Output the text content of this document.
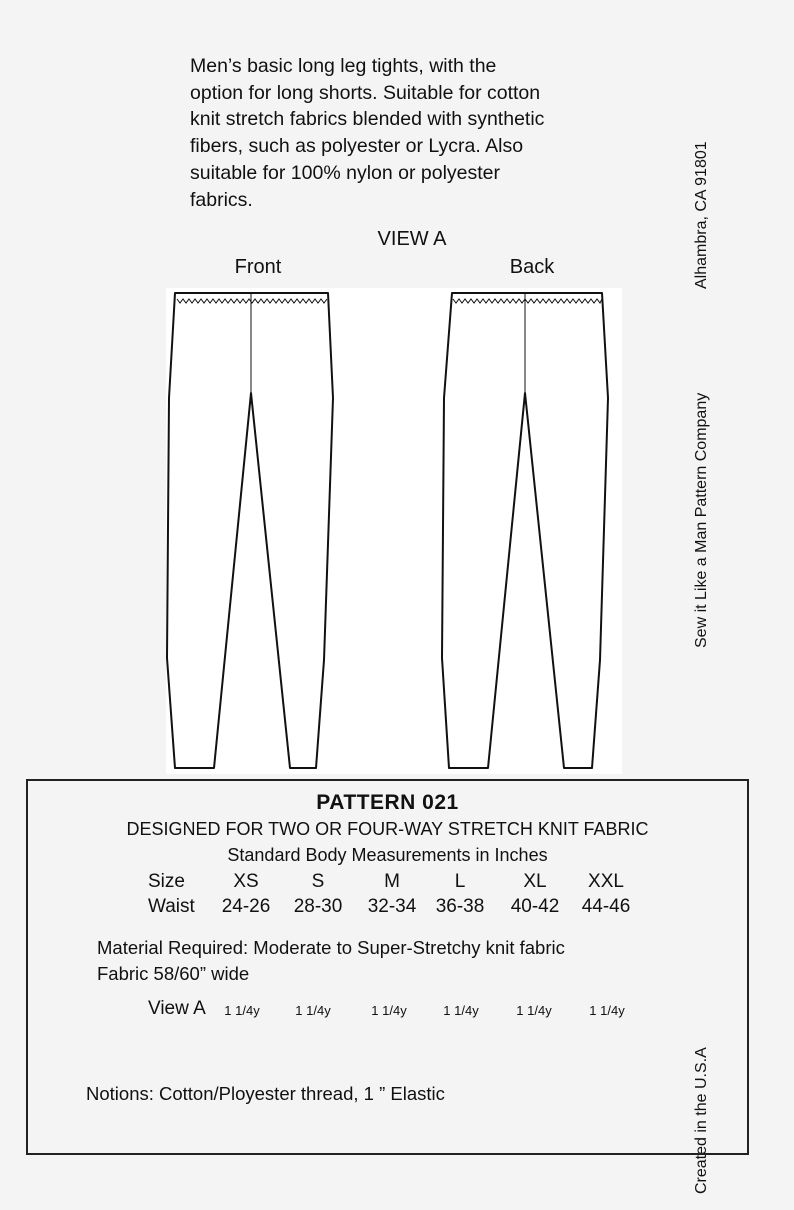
Men’s basic long leg tights, with the
option for long shorts. Suitable for cotton
knit stretch fabrics blended with synthetic
fibers, such as polyester or Lycra. Also
suitable for 100% nylon or polyester
fabrics.
VIEW A
Front	Back	Alhambra, CA 91801
Sew it Like a Man Pattern Company
Created in the U.S.A
PATTERN 021
DESIGNED FOR TWO OR FOUR-WAY STRETCH KNIT FABRIC
Standard Body Measurements in Inches
Size	XS	S	M	L	XL	XXL
Waist	24-26	28-30	32-34	36-38	40-42	44-46
Material Required: Moderate to Super-Stretchy knit fabric
Fabric 58/60” wide
View A	1 1/4y	1 1/4y	1 1/4y	1 1/4y	1 1/4y	1 1/4y
Notions: Cotton/Ployester thread, 1 ” Elastic
